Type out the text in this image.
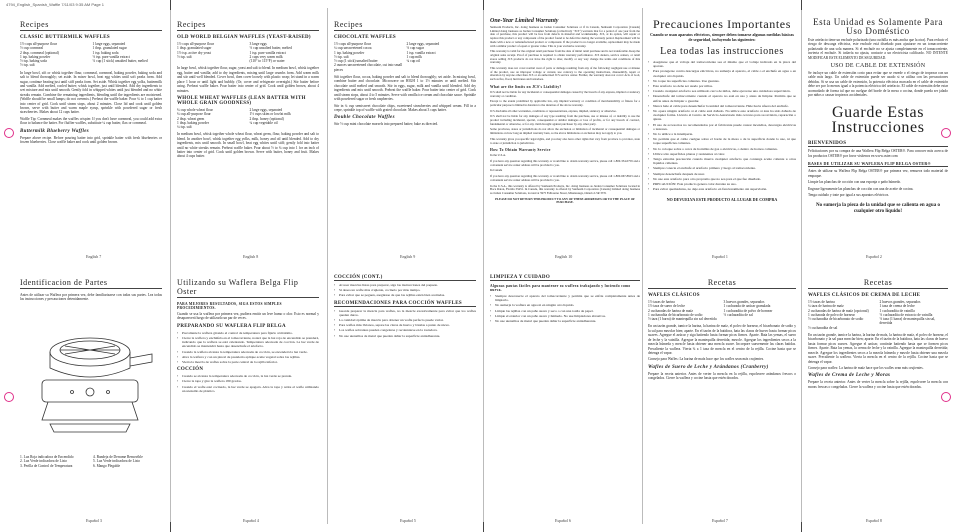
4794_English_Spanish_Waffle 7/11/03 9:35 AM Page 1
Recipes
CLASSIC BUTTERMILK WAFFLES
1½ cups all-purpose flour	1 large eggs, separated
½ cup cornmeal	1 tbsp. granulated sugar
2 tbsp. cornmeal (optional)	1 tsp. baking soda
1 tsp. baking powder	½ tsp. pure vanilla extract
½ tsp. baking soda	⅓ cup (1 stick) unsalted butter, melted
½ tsp. salt

In large bowl, sift or whisk together flour, cornmeal, cornmeal, baking powder, baking soda and salt to blend thoroughly; set aside. In mixer bowl, beat egg whites until soft peaks form. Add sugar, continue beating just until stiff peaks form. Set aside. Whisk together egg yolks, buttermilk and vanilla. Add melted, cooled butter; whisk together, just until blended. Add dry ingredients to wet mixture and mix until smooth. Gently fold in whipped whites until just blended and no white streaks remain. Combine the remaining ingredients, blending until the ingredients are moistened. (Waffle should be small lumps; do not overmix.) Preheat the waffle baker. Pour ¾ to 1 cup batter into center of grid. Cook until steam stops, about 2 minutes. Close lid and cook until golden brown, serve with butter and warm maple syrup, sprinkle with powdered sugar or fresh strawberries. Makes about 12 cups batter.

Waffle Tip: Cornmeal makes the waffles crispier. If you don't have cornmeal, you could add extra flour to balance the batter. For fluffier waffles, substitute ¼ cup butter, flax or cornmeal.

Buttermilk Blueberry Waffles

Prepare above recipe. Before pouring batter into grid, sprinkle batter with fresh blueberries or frozen blueberries. Close waffle baker and cook until golden brown.

English 7
Recipes
OLD WORLD BELGIAN WAFFLES (YEAST-RAISED)
1½ cups all-purpose flour	3 large eggs
1 tbsp. granulated sugar	½ cup unsalted butter, melted
1½ tsp. active dry yeast	1 tsp. pure vanilla extract
½ tsp. salt	2 cups very warm milk
(110° to 115°F) or water

In large bowl, whisk together flour, sugar, yeast and salt to blend. In medium bowl, whisk together egg, butter and vanilla; add to dry ingredients, mixing until large crumbs form. Add warm milk and stir until well blended. Cover bowl, then cover loosely with plastic wrap; let stand in a warm place 1 hour or until light and bubbly. (Or, cover and refrigerate overnight.) Stir batter before using. Preheat waffle baker. Pour batter into center of grid. Cook until golden brown, about 4 minutes.

WHOLE WHEAT WAFFLES (LEAN BATTER WITH WHOLE GRAIN GOODNESS)
¾ cup whole wheat flour	2 large eggs, separated
¾ cup all-purpose flour	1½ cups skim or lowfat milk
2 tbsp. wheat germ	2 tbsp. honey (optional)
1 tbsp. baking powder	¼ cup vegetable oil
¼ tsp. salt

In medium bowl, whisk together whole wheat flour, wheat germ, flour, baking powder and salt to blend. In another bowl, whisk together egg yolks, milk, honey and oil until blended. Add to dry ingredients, mix until smooth. In small bowl, beat egg whites until stiff; gently fold into batter until no white streaks remain. Preheat waffle baker. Pour about ½ to ¾ cup into 1 for an inch of batter into center of grid. Cook until golden brown. Serve with butter, honey and fruit. Makes about 4 cups batter.

English 8
Recipes
CHOCOLATE WAFFLES
1½ cups all-purpose flour	2 large eggs, separated
¼ cup unsweetened cocoa	½ cup sugar
1 tsp. baking powder	1 tsp. vanilla extract
½ tsp. salt	1 cup milk
½ cup (1 stick) unsalted butter	¼ cup oil
2 ounces unsweetened chocolate, cut into small pieces

Sift together flour, cocoa, baking powder and salt to blend thoroughly; set aside. In mixing bowl, combine butter and chocolate. Microwave on HIGH 1 to 1½ minutes or until melted. Stir chocolate until melted and smooth. Stir in eggs, sugar, milk and vanilla until blended. Add dry ingredients and mix until smooth. Preheat the waffle baker. Pour batter into center of grid. Cook until steam stops, about 4 to 5 minutes. Serve with vanilla ice cream and chocolate sauce. Sprinkle with powdered sugar or fresh raspberries.

Stir in ¼ cup semisweet chocolate chips, sweetened strawberries and whipped cream. Fill in a crepe, sprinkle top of waffle with grated chocolate. Makes about 3 cups batter.

Double Chocolate Waffles

Stir ½ cup mini chocolate morsels into prepared batter; bake as directed.

English 9
One-Year Limited Warranty

Sunbeam Products, Inc. doing business as Jarden Consumer Solutions or if in Canada, Sunbeam Corporation (Canada) Limited doing business as Jarden Consumer Solutions (collectively "JCS") warrants that for a period of one year from the date of purchase, this product will be free from defects in material and workmanship. JCS, at its option, will repair or replace this product or any component of the product found to be defective during the warranty period. Replacement will be made with a new or remanufactured product or component. If the product is no longer available, replacement may be made with a similar product of equal or greater value. This is your exclusive warranty.

This warranty is valid for the original retail purchaser from the date of initial retail purchase and is not transferable. Keep the original sales receipt. Proof of purchase is required to obtain warranty performance. JCS dealers, service centers, or retail stores selling JCS products do not have the right to alter, modify or any way change the terms and conditions of this warranty.

This warranty does not cover normal wear of parts or damage resulting from any of the following: negligent use or misuse of the product, use on improper voltage or current, use contrary to the operating instructions, disassembly, repair or alteration by anyone other than JCS or an authorized JCS service center. Further, the warranty does not cover: Acts of God, such as fire, flood, hurricanes and tornadoes.

What are the limits on JCS's Liability?

JCS shall not be liable for any incidental or consequential damages caused by the breach of any express, implied or statutory warranty or condition.

Except to the extent prohibited by applicable law, any implied warranty or condition of merchantability or fitness for a particular purpose is limited in duration to the duration of the above warranty.

JCS disclaims all other warranties, conditions or representations, express, implied, statutory or otherwise.

JCS shall not be liable for any damages of any type resulting from the purchase, use or misuse of, or inability to use the product including incidental, special, consequential or similar damages or loss of profits, or for any breach of contract, fundamental or otherwise, or for any claim brought against purchaser by any other party.

Some provinces, states or jurisdictions do not allow the exclusion or limitation of incidental or consequential damages or limitations on how long an implied warranty lasts, so the above limitations or exclusion may not apply to you.

This warranty gives you specific legal rights, and you may also have other rights that vary from province to province, state to state or jurisdiction to jurisdiction.

How To Obtain Warranty Service

In the U.S.A.

If you have any question regarding this warranty or would like to obtain warranty service, please call 1-800-334-0759 and a convenient service center address will be provided to you.

In Canada

If you have any question regarding this warranty or would like to obtain warranty service, please call 1-800-667-8623 and a convenient service center address will be provided to you.

In the U.S.A., this warranty is offered by Sunbeam Products, Inc. doing business as Jarden Consumer Solutions located in Boca Raton, Florida 33431. In Canada, this warranty is offered by Sunbeam Corporation (Canada) Limited doing business as Jarden Consumer Solutions, located at 5975 Falbourne Street, Mississauga, Ontario L5R 3V8.

PLEASE DO NOT RETURN THIS PRODUCT TO ANY OF THESE ADDRESSES OR TO THE PLACE OF PURCHASE.

English 10
Precauciones Importantes
Cuando se usan aparatos eléctricos, siempre deben tomarse algunas medidas básicas de seguridad, incluyendo las siguientes:
Lea todas las instrucciones

• Asegúrese que el voltaje del tomacorriente sea el mismo que el voltaje indicado en la placa del aparato.

• Para protegerse contra descargas eléctricas, no sumerja el aparato, el cable o el enchufe en agua o en cualquier otro líquido.

• No toque las superficies calientes. Use guantes.

• Este artefacto no debe ser usado por niños.

• Cuando cualquier artefacto sea utilizado cerca de niños, debe ejercerse una cuidadosa supervisión.

• Desenchufe del tomacorriente cuando el aparato no esté en uso y antes de limpiar. Permita que se enfríe antes de limpiar o guardar.

• Nunca hale el cable para desenchufar la unidad del tomacorriente. Hale hacia afuera del enchufe.

• No opere ningún artefacto si el cable está dañado. No utilice este artefacto si éste ha sido dañado de cualquier forma. Llévelo al Centro de Servicio Autorizado más cercano para su revisión, reparación o ajuste.

• El uso de accesorios no recomendados por el fabricante puede causar incendios, descargas eléctricas o lesiones.

• No lo utilice a la intemperie.

• No permita que el cable cuelgue sobre el borde de la mesa o de la superficie donde lo use, ni que toque superficies calientes.

• No lo coloque sobre o cerca de hornillas de gas o eléctricas, o dentro de hornos calientes.

• Utilice sólo superficies planas y resistentes al calor.

• Tenga extrema precaución cuando mueva cualquier artefacto que contenga aceite caliente u otros líquidos calientes.

• Siempre conecte el enchufe al artefacto primero y luego al tomacorriente.

• Siempre desenchufe después de usar.

• No use este artefacto para otro propósito que no sea para el que fue diseñado.

• PRECAUCIÓN: Este producto genera calor durante su uso.

• Para evitar quemaduras, no deje este artefacto en funcionamiento sin supervisión.

NO DEVUELVA ESTE PRODUCTO AL LUGAR DE COMPRA
Español 1
Esta Unidad es Solamente Para Uso Doméstico

Este artefacto tiene un enchufe polarizado (una cuchilla es más ancha que la otra). Para reducir el riesgo de descarga eléctrica, este enchufe está diseñado para ajustarse en un tomacorriente polarizado de una sola manera. Si el enchufe no se ajusta completamente en el tomacorriente, invierta el enchufe. Si todavía no ajusta, contacte a un electricista calificado. NO INTENTE MODIFICAR ESTE ELEMENTO DE SEGURIDAD.

USO DE CABLE DE EXTENSIÓN

Se incluye un cable de extensión corto para evitar que se enrede o el riesgo de tropezar con un cable más largo. Un cable de extensión puede ser usado si se utiliza con las precauciones debidas. Si se usa un cable de extensión, la potencia eléctrica marcada en el cable de extensión debe ser por lo menos igual a la potencia eléctrica del artefacto. El cable de extensión debe estar acomodado de forma tal que no cuelgue del borde de la mesa o cocina, donde pueda ser jalado por niños o causar tropiezos accidentales.

Guarde Estas Instrucciones
BIENVENIDOS

Felicitaciones por su compra de una Waflera Flip Belga OSTER®. Para conocer más acerca de los productos OSTER® por favor visítenos en www.oster.com

BASES DE UTILIZAR SU WAFLERA FLIP BELGA OSTER®

Antes de utilizar su Waflera Flip Belga OSTER® por primera vez, remueva todo material de empaque.

Limpie las planchas de cocción con una esponja o paño húmedo.

Engrase ligeramente las planchas de cocción con una de aceite de cocina.

Tenga cuidado y trate por igual a sus aparatos eléctricos.

No sumerja la pieza de la unidad que se calienta en agua o cualquier otro líquido!
Español 2
Identificacion de Partes

Antes de utilizar su Waflera por primera vez, debe familiarizarse con todas sus partes. Lea todas las instrucciones y precauciones detenidamente.

1. Luz Roja indicadora de Encendido	4. Bandeja de Derrame Removible
2. Luz Verde indicadora de Listo	5. Luz Verde indicadora de Listo
3. Perilla de Control de Temperatura	6. Mango Plegable
Español 3
Utilizando su Waflera Belga Flip Oster
PARA MEJORES RESULTADOS, SIGA ESTOS SIMPLES PROCEDIMIENTOS.

Cuando se usa la waflera por primera vez, pudiera emitir un leve humo o olor. Esto es normal y desaparecerá luego de utilizarlo un par de veces.

PREPARANDO SU WAFLERA FLIP BELGA

• Precaliente la waflera girando el control de temperatura para fijarlo al máximo.

• Cierre la waflera y enchúfela en el tomacorriente, notará que la luz roja de encendido se prenderá, indicando que la waflera se está calentando. Temperatura adecuada de cocción. La luz verde de encendido se mantendrá hasta que desenchufe el artefacto.

• Cuando la waflera alcanza la temperatura adecuada de cocción, se encenderá la luz verde.

• Abra la waflera y con un pincel de pastelería aplique aceite vegetal sobre las rejillas.

• Vierta la mezcla de wafles sobre la parte central de la rejilla inferior.

COCCIÓN

• Cuando se alcanza la temperatura adecuada de cocción, la luz verde se prende.

• Cierre la tapa y gire la waflera 180 grados.

• Cuando el wafle esté cocinado, la luz verde se apagará. Abra la tapa y retire el wafle utilizando un utensilio de plástico.

Español 4
COCCIÓN (CONT.)

• Al usar mezclas listas para preparar, siga las instrucciones del paquete.

• Si desea un wafle más crujiente, cocínelo por más tiempo.

• Para evitar que se peguen, asegúrese de que las rejillas estén bien aceitadas.

RECOMENDACIONES PARA COCCIÓN WAFFLES

• Guarde preparar la mezcla para wafles, no la mezcle excesivamente para evitar que los wafles queden duros.

• La cantidad óptima de mezcla para obtener un wafle perfecto puede variar.

• Para wafles más livianos, separe las claras de huevo y bátalas a punto de nieve.

• Los wafles sobrantes pueden congelarse y recalentarse en la tostadora.

• No use utensilios de metal que puedan dañar la superficie antiadherente.

Español 5
LIMPIEZA Y CUIDADO
Algunas pautas fáciles para mantener su waflera trabajando y luciendo como nueva.

• Siempre desconecte el aparato del tomacorriente y permita que se enfríe completamente antes de limpiarlo.

• No sumerja la waflera en agua ni en ningún otro líquido.

• Limpie las rejillas con un paño suave y seco o con una toalla de papel.

• Limpie el exterior con un paño suave y húmedo. No use limpiadores abrasivos.

• No use utensilios de metal que puedan dañar la superficie antiadherente.

Español 6
Recetas
WAFLES CLÁSICOS
1½ tazas de harina	3 huevos grandes, separados
1½ taza de suero de leche	1 cucharada de azúcar granulada
2 cucharadas de harina de maíz	1 cucharadita de polvo de hornear
1 cucharadita de bicarbonato de sodio	½ cucharadita de sal
½ taza (1 barra) de mantequilla sin sal derretida

En un tazón grande, tamice la harina, la harina de maíz, el polvo de hornear, el bicarbonato de sodio y la sal para mezclar bien; aparte. En el tazón de la batidora, bata las claras de huevo hasta formar picos suaves. Agregue el azúcar y siga batiendo hasta formar picos firmes. Aparte. Bata las yemas, el suero de leche y la vainilla. Agregue la mantequilla derretida; mezcle. Agregue los ingredientes secos a la mezcla húmeda y mezcle hasta obtener una mezcla suave. Incorpore suavemente las claras batidas. Precaliente la waflera. Vierta ¾ a 1 taza de mezcla en el centro de la rejilla. Cocine hasta que se detenga el vapor.

Consejo para Wafles: La harina de maíz hace que los wafles sean más crujientes.

Wafles de Suero de Leche y Arándanos (Cranberry)

Prepare la receta anterior. Antes de verter la mezcla en la rejilla, espolvoree arándanos frescos o congelados. Cierre la waflera y cocine hasta que estén dorados.

Español 7
Recetas
WAFLES CLÁSICOS DE CREMA DE LECHE
1½ tazas de harina	2 huevos grandes, separados
¼ taza de harina de maíz	1 taza de crema de leche
2 cucharadas de harina de maíz (opcional)	1 cucharadita de vainilla
1 cucharada de polvo de hornear	½ cucharadita de extracto de vainilla
½ cucharadita de bicarbonato de sodio	½ taza (1 barra) de mantequilla sin sal, derretida
½ cucharadita de sal

En un tazón grande, tamice la harina, la harina de maíz, la harina de maíz, el polvo de hornear, el bicarbonato y la sal para mezclar bien; aparte. En el tazón de la batidora, bata las claras de huevo hasta formar picos suaves. Agregue el azúcar, continúe batiendo hasta que se formen picos firmes. Aparte. Bata las yemas, la crema de leche y la vainilla. Agregue la mantequilla derretida; mezcle. Agregue los ingredientes secos a la mezcla húmeda y mezcle hasta obtener una mezcla suave. Precaliente la waflera. Vierta la mezcla en el centro de la rejilla. Cocine hasta que se detenga el vapor.

Consejo para wafles: La harina de maíz hace que los wafles sean más crujientes.

Wafles de Crema de Leche y Moras

Prepare la receta anterior. Antes de verter la mezcla sobre la rejilla, espolvoree la mezcla con moras frescas o congeladas. Cierre la waflera y cocine hasta que estén doradas.

Español 8
